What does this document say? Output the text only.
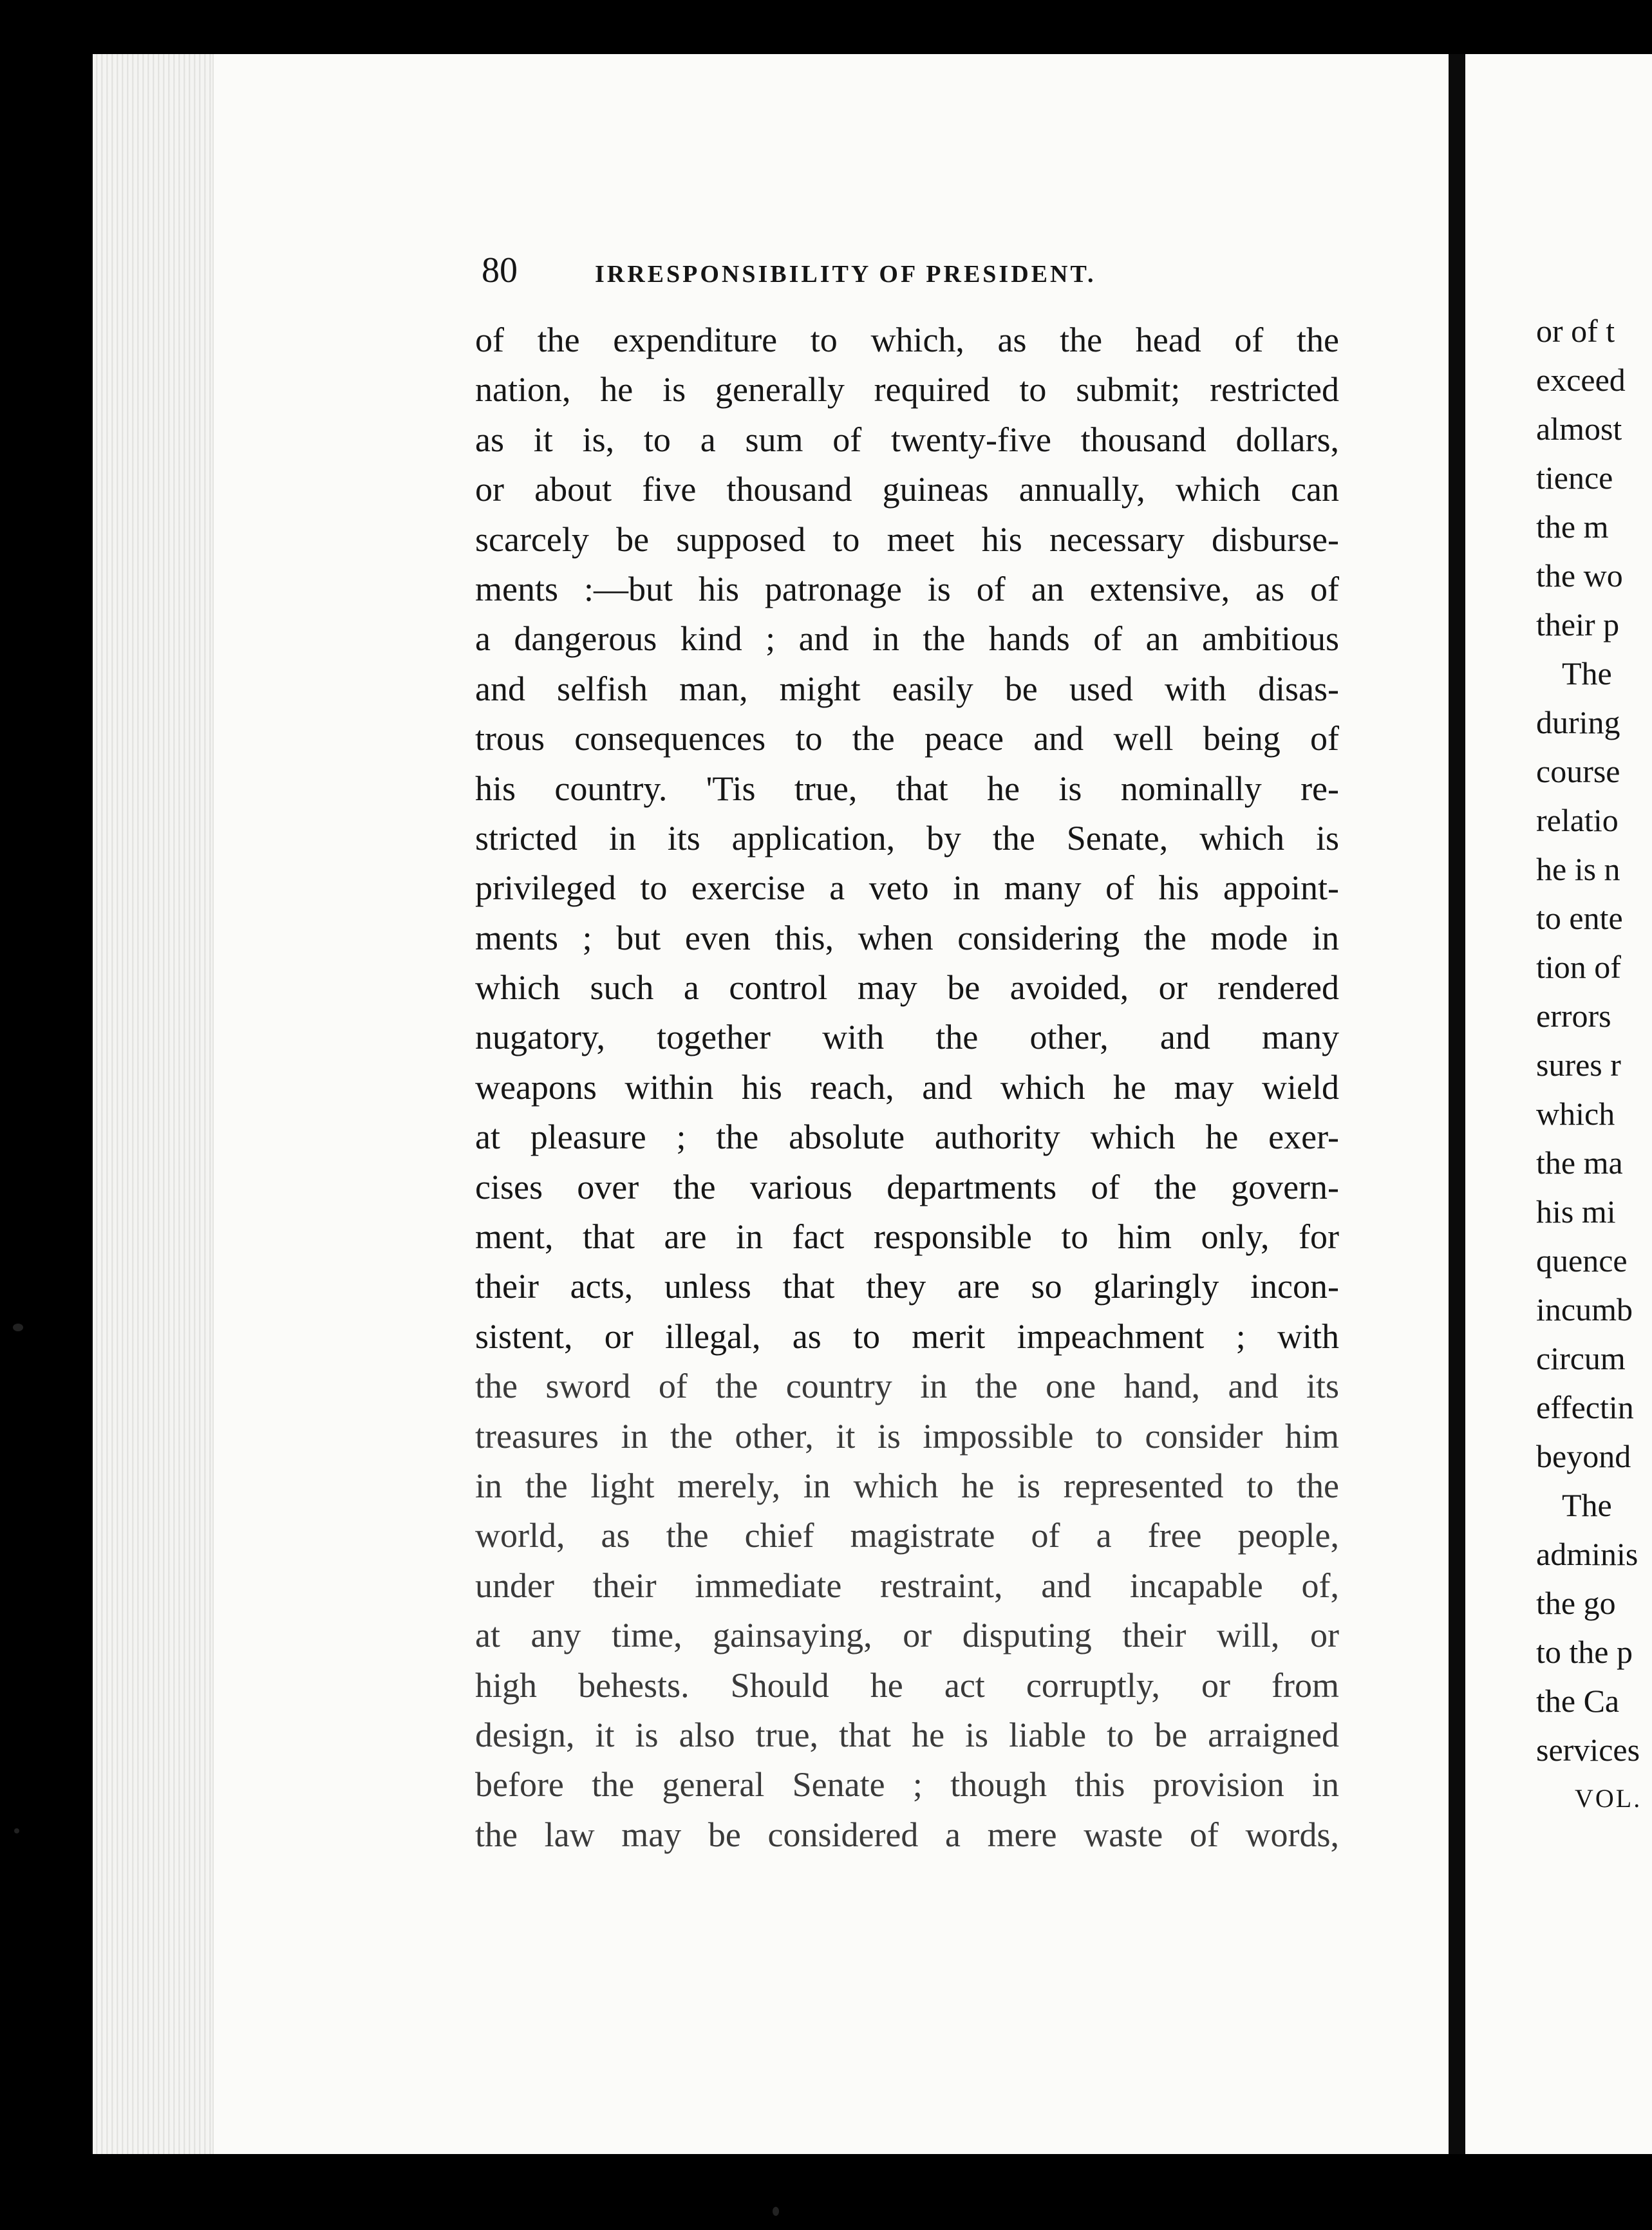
80	IRRESPONSIBILITY OF PRESIDENT.
of the expenditure to which, as the head of the
nation, he is generally required to submit; restricted
as it is, to a sum of twenty-five thousand dollars,
or about five thousand guineas annually, which can
scarcely be supposed to meet his necessary disburse-
ments :—but his patronage is of an extensive, as of
a dangerous kind ; and in the hands of an ambitious
and selfish man, might easily be used with disas-
trous consequences to the peace and well being of
his country. 'Tis true, that he is nominally re-
stricted in its application, by the Senate, which is
privileged to exercise a veto in many of his appoint-
ments ; but even this, when considering the mode in
which such a control may be avoided, or rendered
nugatory, together with the other, and many
weapons within his reach, and which he may wield
at pleasure ; the absolute authority which he exer-
cises over the various departments of the govern-
ment, that are in fact responsible to him only, for
their acts, unless that they are so glaringly incon-
sistent, or illegal, as to merit impeachment ; with
the sword of the country in the one hand, and its
treasures in the other, it is impossible to consider him
in the light merely, in which he is represented to the
world, as the chief magistrate of a free people,
under their immediate restraint, and incapable of,
at any time, gainsaying, or disputing their will, or
high behests. Should he act corruptly, or from
design, it is also true, that he is liable to be arraigned
before the general Senate ; though this provision in
the law may be considered a mere waste of words,
or of t
exceed
almost
tience
the m
the wo
their p
The
during
course
relatio
he is n
to ente
tion of
errors
sures r
which
the ma
his mi
quence
incumb
circum
effectin
beyond
The
adminis
the go
to the p
the Ca
services
VOL.
